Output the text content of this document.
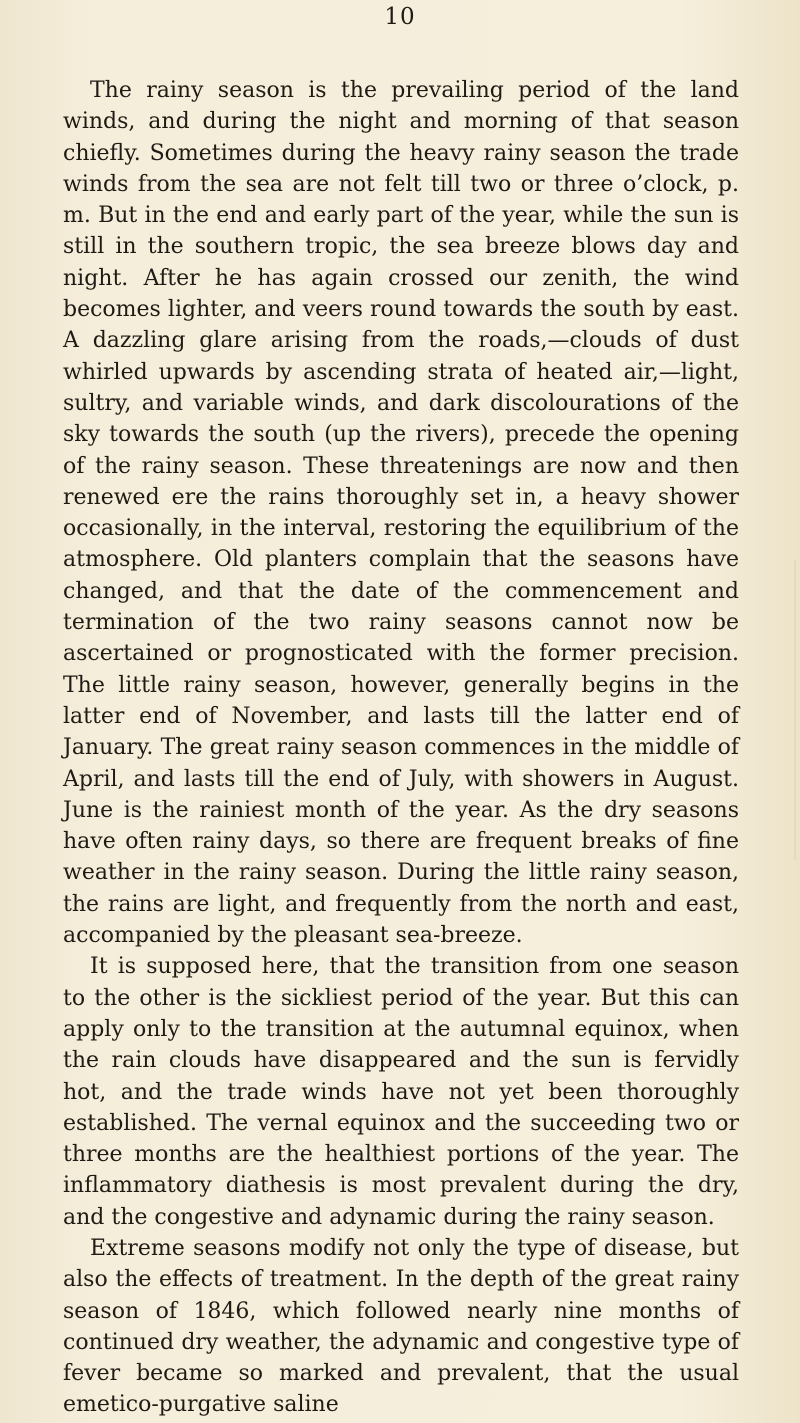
10

The rainy season is the prevailing period of the land winds, and during the night and morning of that season chiefly. Sometimes during the heavy rainy season the trade winds from the sea are not felt till two or three o’clock, p. m. But in the end and early part of the year, while the sun is still in the southern tropic, the sea breeze blows day and night. After he has again crossed our zenith, the wind becomes lighter, and veers round towards the south by east. A dazzling glare arising from the roads,—clouds of dust whirled upwards by ascending strata of heated air,—light, sultry, and variable winds, and dark discolourations of the sky towards the south (up the rivers), precede the opening of the rainy season. These threatenings are now and then renewed ere the rains thoroughly set in, a heavy shower occasionally, in the interval, restoring the equilibrium of the atmosphere. Old planters complain that the seasons have changed, and that the date of the commencement and termination of the two rainy seasons cannot now be ascertained or prognosticated with the former precision. The little rainy season, however, generally begins in the latter end of November, and lasts till the latter end of January. The great rainy season commences in the middle of April, and lasts till the end of July, with showers in August. June is the rainiest month of the year. As the dry seasons have often rainy days, so there are frequent breaks of fine weather in the rainy season. During the little rainy season, the rains are light, and frequently from the north and east, accompanied by the pleasant sea-breeze.

It is supposed here, that the transition from one season to the other is the sickliest period of the year. But this can apply only to the transition at the autumnal equinox, when the rain clouds have disappeared and the sun is fervidly hot, and the trade winds have not yet been thoroughly established. The vernal equinox and the succeeding two or three months are the healthiest portions of the year. The inflammatory diathesis is most prevalent during the dry, and the congestive and adynamic during the rainy season.

Extreme seasons modify not only the type of disease, but also the effects of treatment. In the depth of the great rainy season of 1846, which followed nearly nine months of continued dry weather, the adynamic and congestive type of fever became so marked and prevalent, that the usual emetico-purgative saline
